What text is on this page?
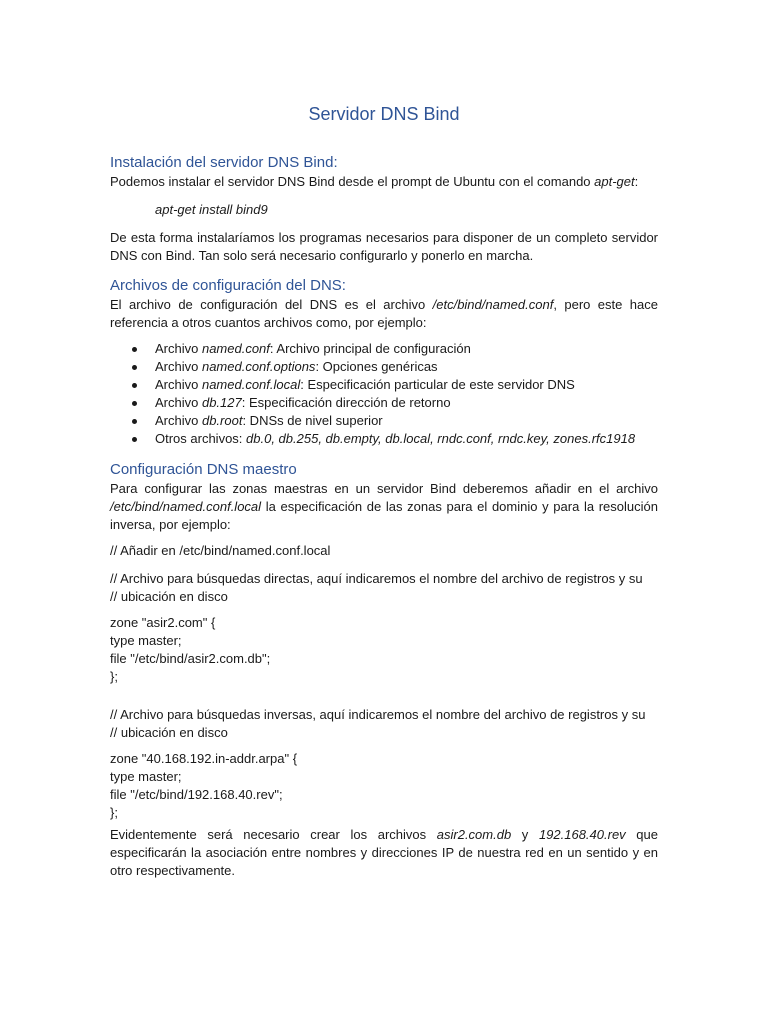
Servidor DNS Bind
Instalación del servidor DNS Bind:
Podemos instalar el servidor DNS Bind desde el prompt de Ubuntu con el comando apt-get:
apt-get install bind9
De esta forma instalaríamos los programas necesarios para disponer de un completo servidor DNS con Bind. Tan solo será necesario configurarlo y ponerlo en marcha.
Archivos de configuración del DNS:
El archivo de configuración del DNS es el archivo /etc/bind/named.conf, pero este hace referencia a otros cuantos archivos como, por ejemplo:
Archivo named.conf: Archivo principal de configuración
Archivo named.conf.options: Opciones genéricas
Archivo named.conf.local: Especificación particular de este servidor DNS
Archivo db.127: Especificación dirección de retorno
Archivo db.root: DNSs de nivel superior
Otros archivos: db.0, db.255, db.empty, db.local, rndc.conf, rndc.key, zones.rfc1918
Configuración DNS maestro
Para configurar las zonas maestras en un servidor Bind deberemos añadir en el archivo /etc/bind/named.conf.local la especificación de las zonas para el dominio y para la resolución inversa, por ejemplo:
// Añadir en /etc/bind/named.conf.local
// Archivo para búsquedas directas, aquí indicaremos el nombre del archivo de registros y su
// ubicación en disco
zone "asir2.com" {
type master;
file "/etc/bind/asir2.com.db";
};
// Archivo para búsquedas inversas, aquí indicaremos el nombre del archivo de registros y su
// ubicación en disco
zone "40.168.192.in-addr.arpa" {
type master;
file "/etc/bind/192.168.40.rev";
};
Evidentemente será necesario crear los archivos asir2.com.db y 192.168.40.rev que especificarán la asociación entre nombres y direcciones IP de nuestra red en un sentido y en otro respectivamente.
